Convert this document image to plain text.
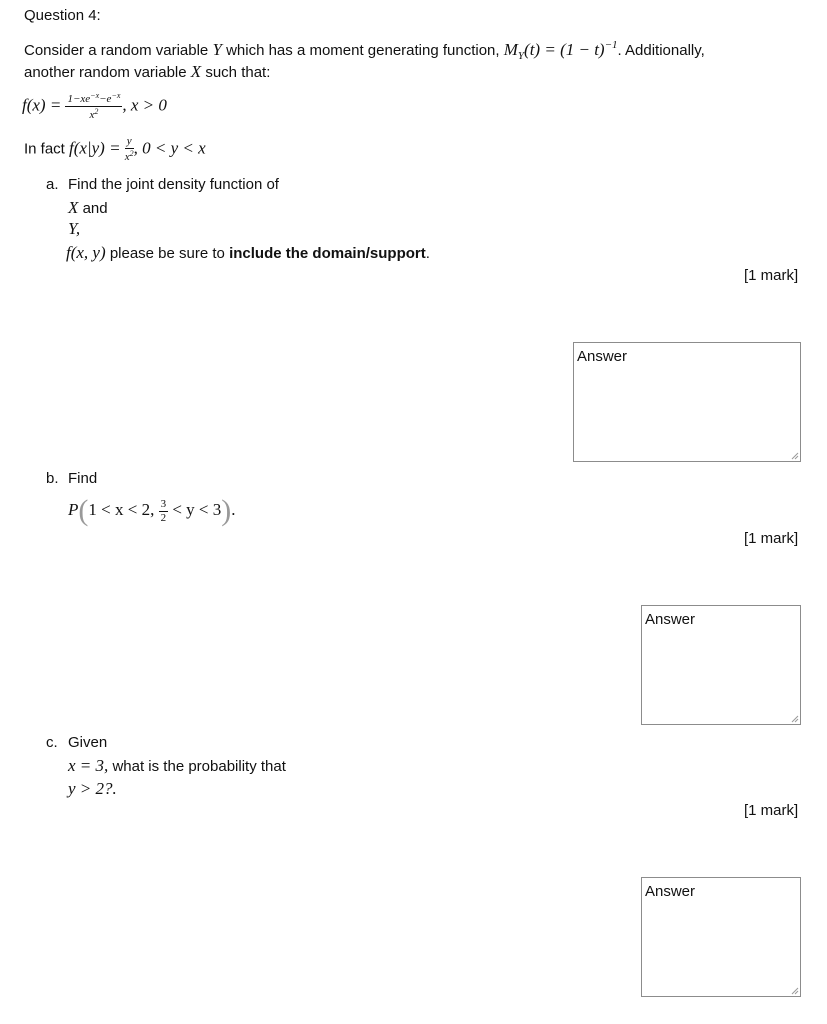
Question 4:
Consider a random variable Y which has a moment generating function, $M_Y(t) = (1 - t)^{-1}$. Additionally,
another random variable X such that:
$f(x) = \frac{1-xe^{-x}-e^{-x}}{x^2}$ , x > 0
In fact $f(x|y) = \frac{y}{x^2}$ , 0 < y < x
a. Find the joint density function of
X and
Y,
f(x, y) please be sure to include the domain/support.
[1 mark]
Answer
b. Find
P(1 < x < 2, $\frac{3}{2} < y < 3$).
[1 mark]
Answer
c. Given
x = 3, what is the probability that
y > 2?.
[1 mark]
Answer
